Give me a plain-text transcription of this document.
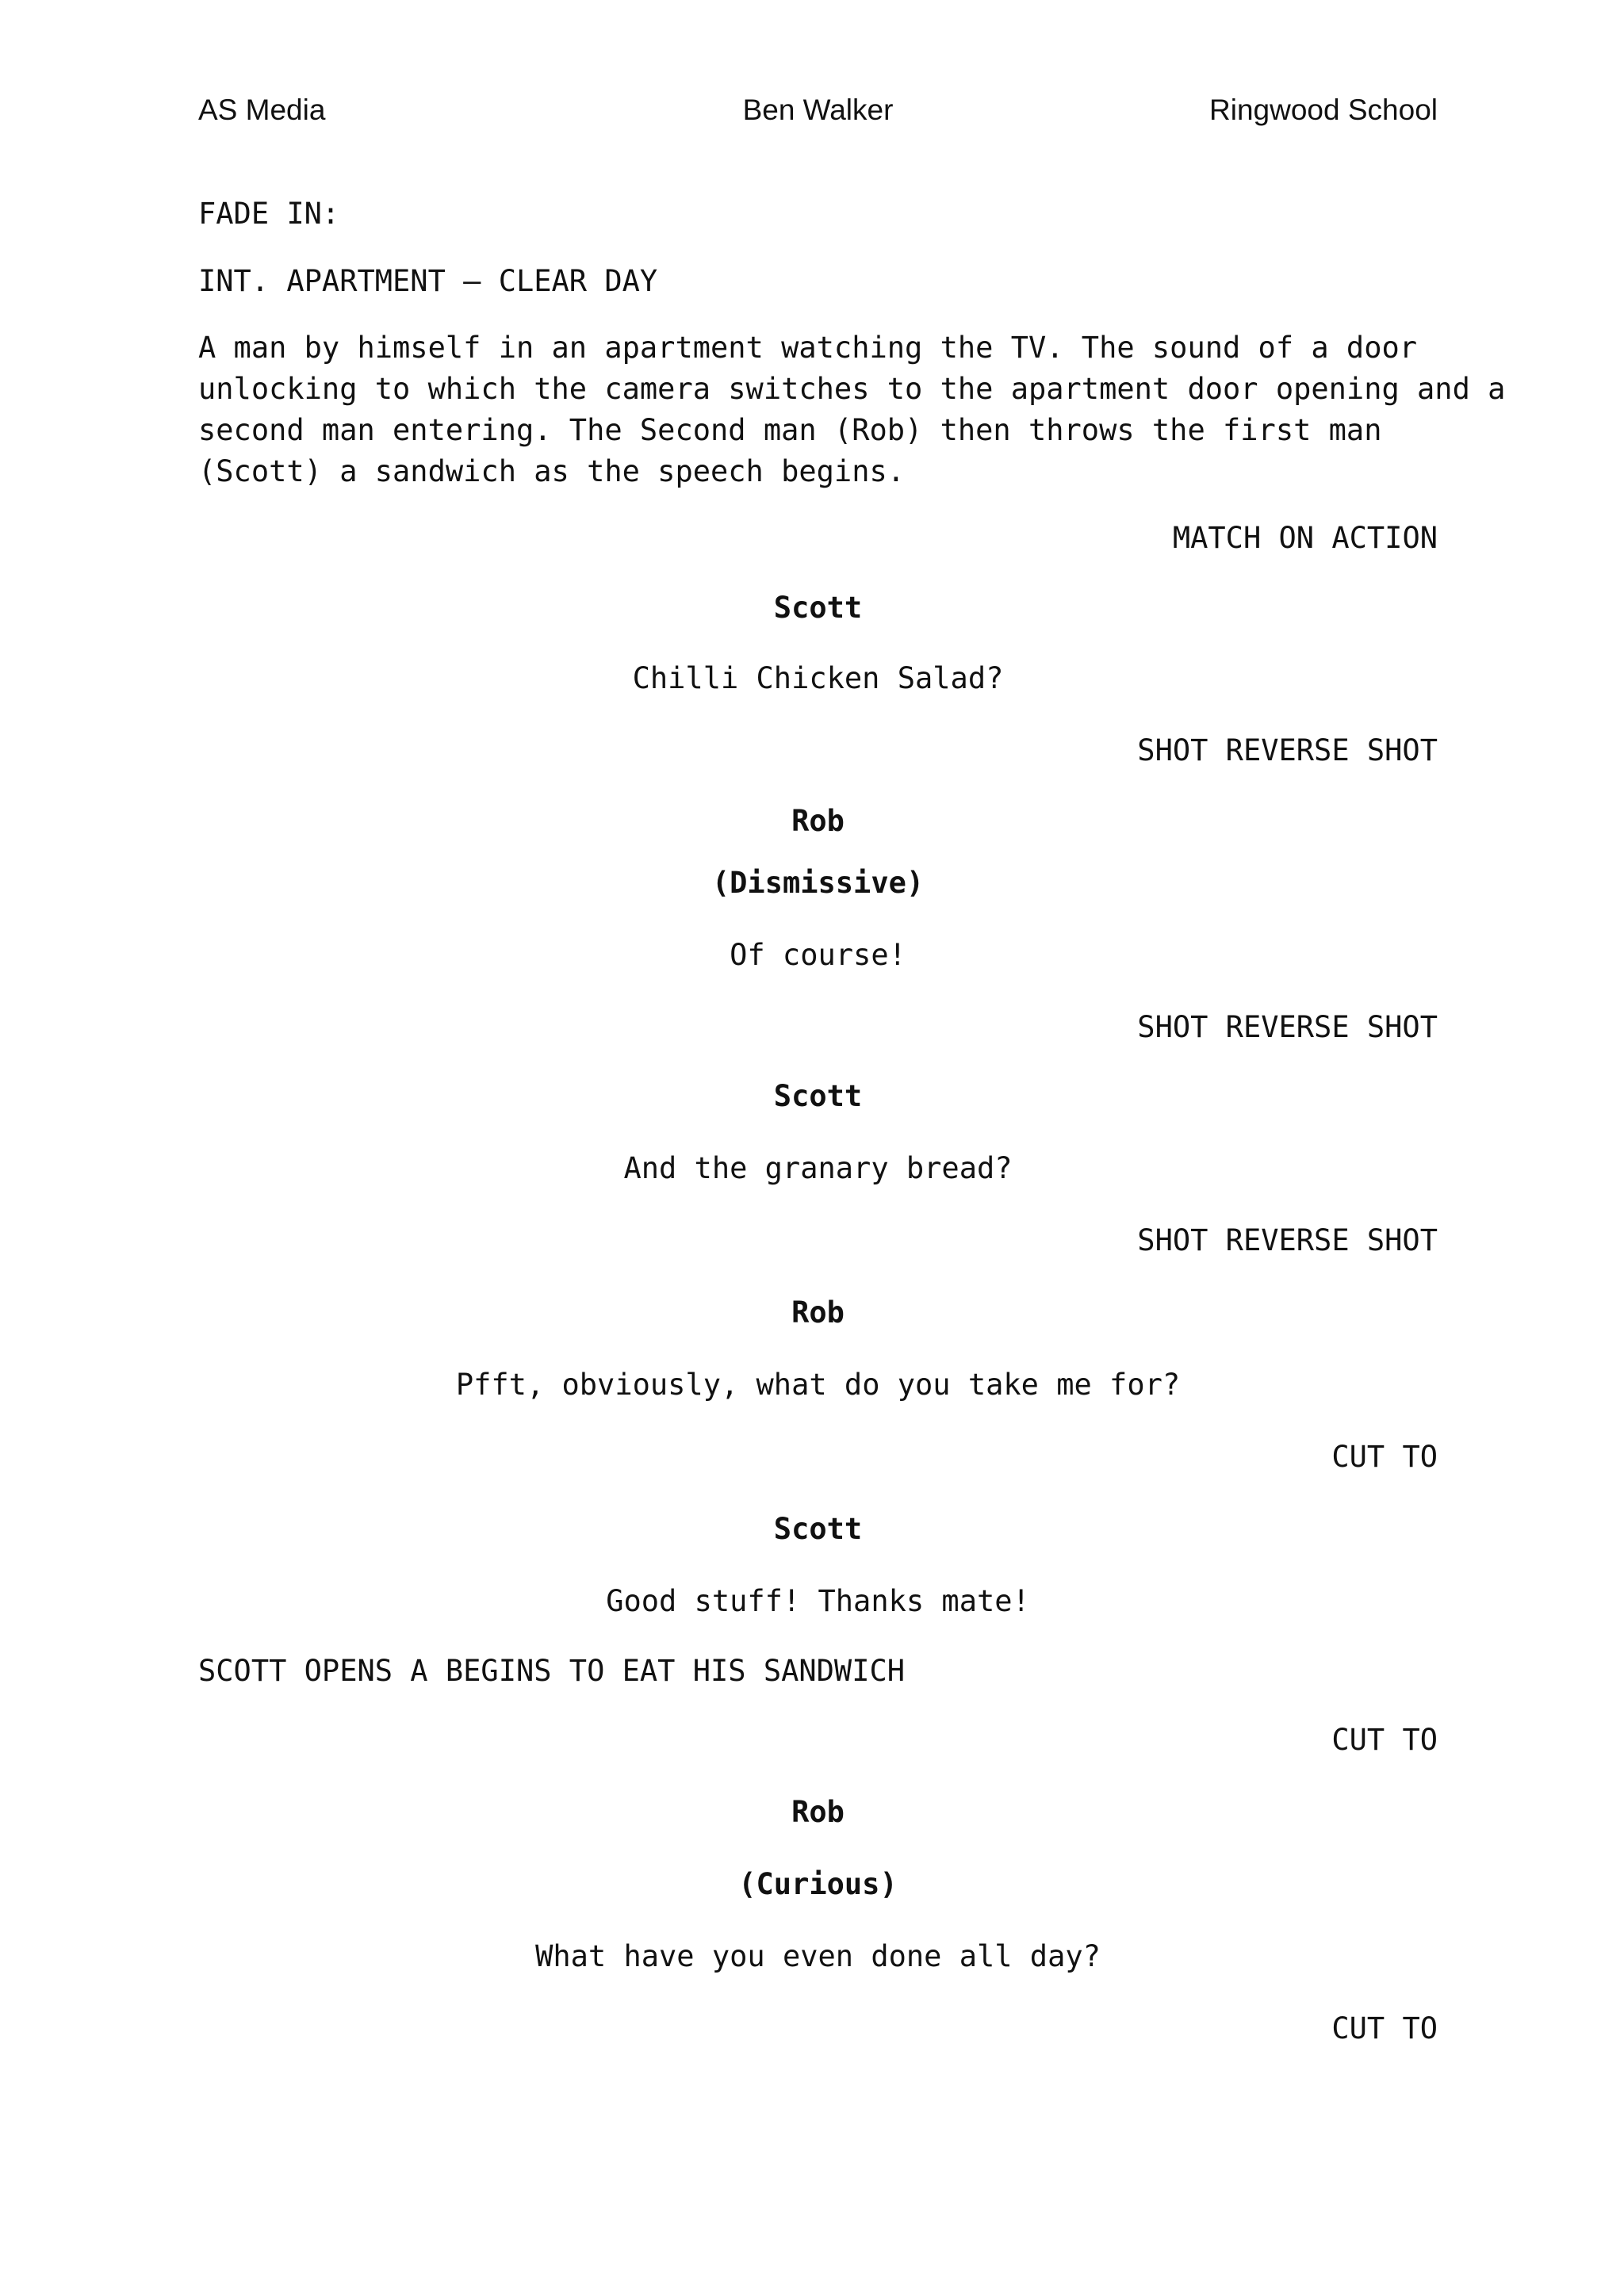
AS Media	Ben Walker	Ringwood School
FADE IN:
INT. APARTMENT – CLEAR DAY
A man by himself in an apartment watching the TV. The sound of a door
unlocking to which the camera switches to the apartment door opening and a
second man entering. The Second man (Rob) then throws the first man
(Scott) a sandwich as the speech begins.
MATCH ON ACTION
Scott
Chilli Chicken Salad?
SHOT REVERSE SHOT
Rob
(Dismissive)
Of course!
SHOT REVERSE SHOT
Scott
And the granary bread?
SHOT REVERSE SHOT
Rob
Pfft, obviously, what do you take me for?
CUT TO
Scott
Good stuff! Thanks mate!
SCOTT OPENS A BEGINS TO EAT HIS SANDWICH
CUT TO
Rob
(Curious)
What have you even done all day?
CUT TO
